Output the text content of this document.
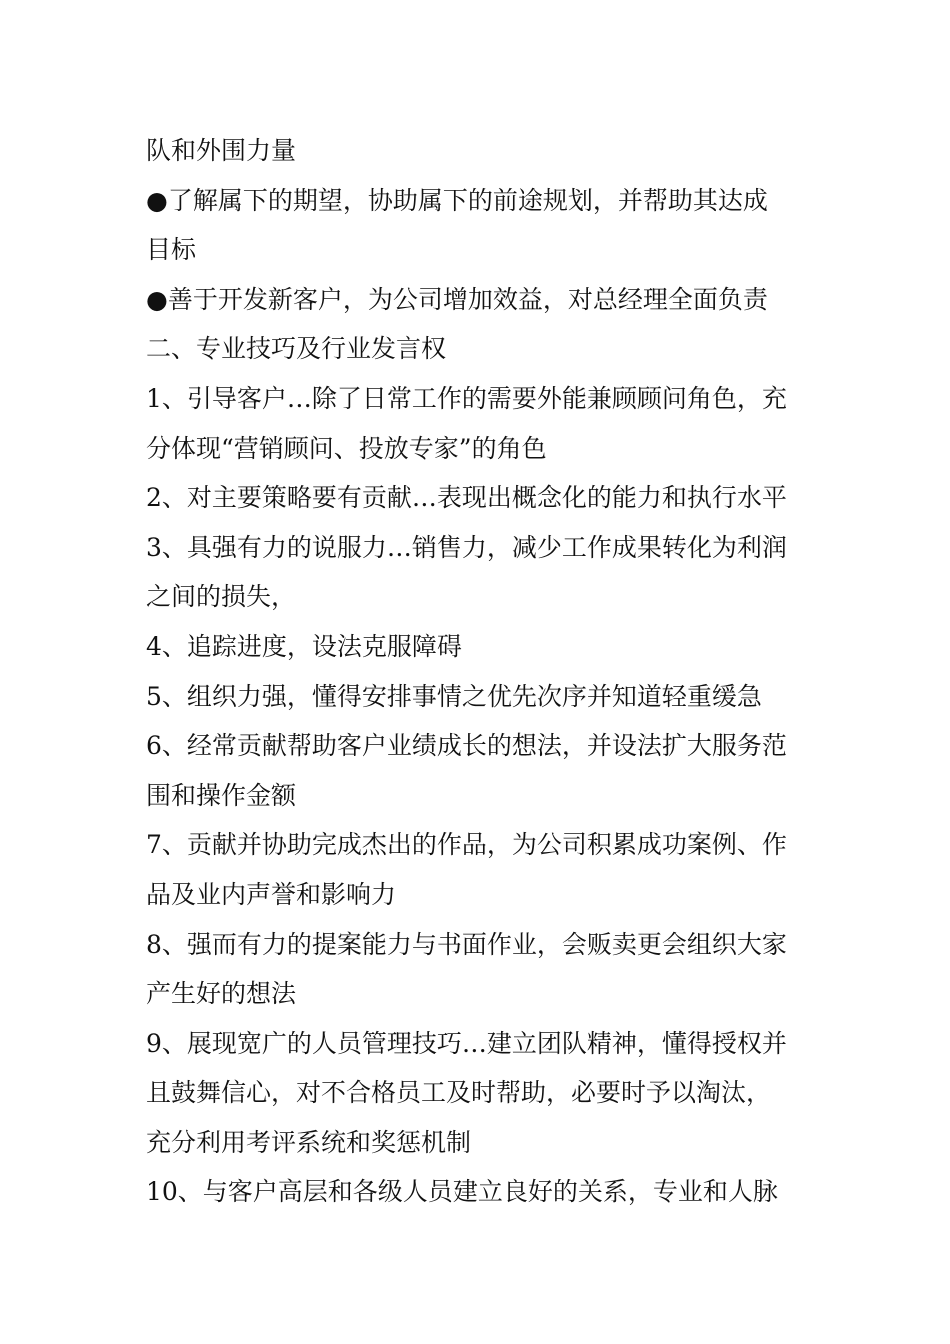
队和外围力量
●了解属下的期望，协助属下的前途规划，并帮助其达成
目标
●善于开发新客户，为公司增加效益，对总经理全面负责
二、专业技巧及行业发言权
1、引导客户…除了日常工作的需要外能兼顾顾问角色，充
分体现“营销顾问、投放专家”的角色
2、对主要策略要有贡献…表现出概念化的能力和执行水平
3、具强有力的说服力…销售力，减少工作成果转化为利润
之间的损失，
4、追踪进度，设法克服障碍
5、组织力强，懂得安排事情之优先次序并知道轻重缓急
6、经常贡献帮助客户业绩成长的想法，并设法扩大服务范
围和操作金额
7、贡献并协助完成杰出的作品，为公司积累成功案例、作
品及业内声誉和影响力
8、强而有力的提案能力与书面作业，会贩卖更会组织大家
产生好的想法
9、展现宽广的人员管理技巧…建立团队精神，懂得授权并
且鼓舞信心，对不合格员工及时帮助，必要时予以淘汰，
充分利用考评系统和奖惩机制
10、与客户高层和各级人员建立良好的关系，专业和人脉
